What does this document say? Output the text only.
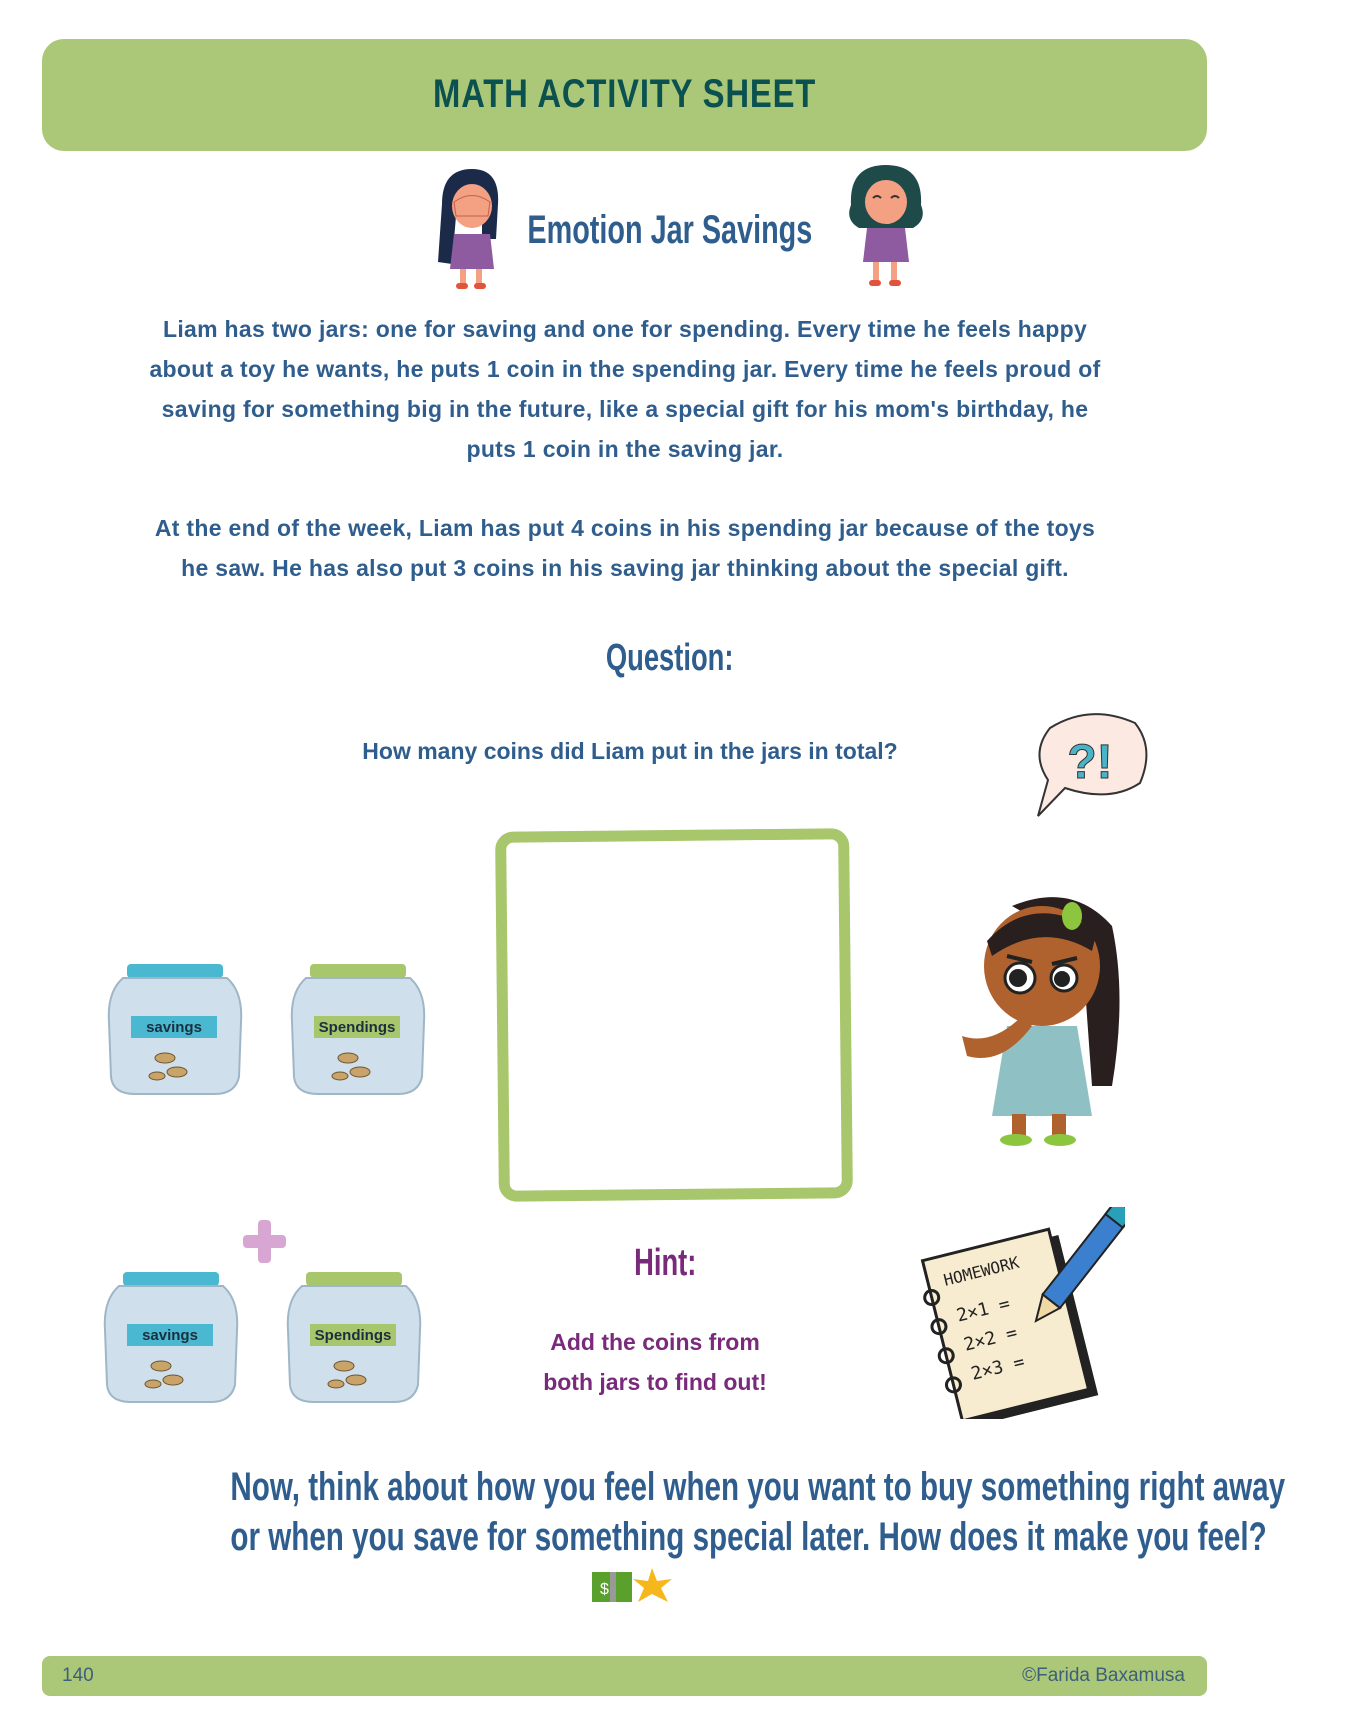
MATH ACTIVITY SHEET
Emotion Jar Savings
Liam has two jars: one for saving and one for spending. Every time he feels happy
about a toy he wants, he puts 1 coin in the spending jar. Every time he feels proud of
saving for something big in the future, like a special gift for his mom's birthday, he
puts 1 coin in the saving jar.
At the end of the week, Liam has put 4 coins in his spending jar because of the toys
he saw. He has also put 3 coins in his saving jar thinking about the special gift.
Question:
How many coins did Liam put in the jars in total?	?!
savings	Spendings
savings	Spendings
Hint:
Add the coins from
both jars to find out!
HOMEWORK
2×1 =
2×2 =
2×3 =
Now, think about how you feel when you want to buy something right away
or when you save for something special later. How does it make you feel?
$
140	©Farida Baxamusa
